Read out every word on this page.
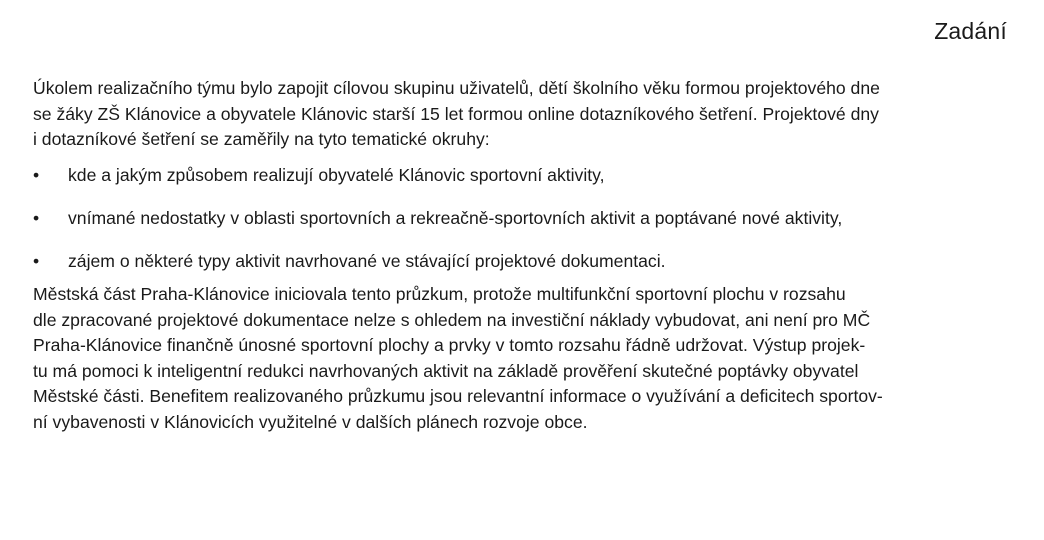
Zadání

Úkolem realizačního týmu bylo zapojit cílovou skupinu uživatelů, dětí školního věku formou projektového dne
se žáky ZŠ Klánovice a obyvatele Klánovic starší 15 let formou online dotazníkového šetření. Projektové dny
i dotazníkové šetření se zaměřily na tyto tematické okruhy:

• kde a jakým způsobem realizují obyvatelé Klánovic sportovní aktivity,
• vnímané nedostatky v oblasti sportovních a rekreačně-sportovních aktivit a poptávané nové aktivity,
• zájem o některé typy aktivit navrhované ve stávající projektové dokumentaci.

Městská část Praha-Klánovice iniciovala tento průzkum, protože multifunkční sportovní plochu v rozsahu
dle zpracované projektové dokumentace nelze s ohledem na investiční náklady vybudovat, ani není pro MČ
Praha-Klánovice finančně únosné sportovní plochy a prvky v tomto rozsahu řádně udržovat. Výstup projek-
tu má pomoci k inteligentní redukci navrhovaných aktivit na základě prověření skutečné poptávky obyvatel
Městské části. Benefitem realizovaného průzkumu jsou relevantní informace o využívání a deficitech sportov-
ní vybavenosti v Klánovicích využitelné v dalších plánech rozvoje obce.
